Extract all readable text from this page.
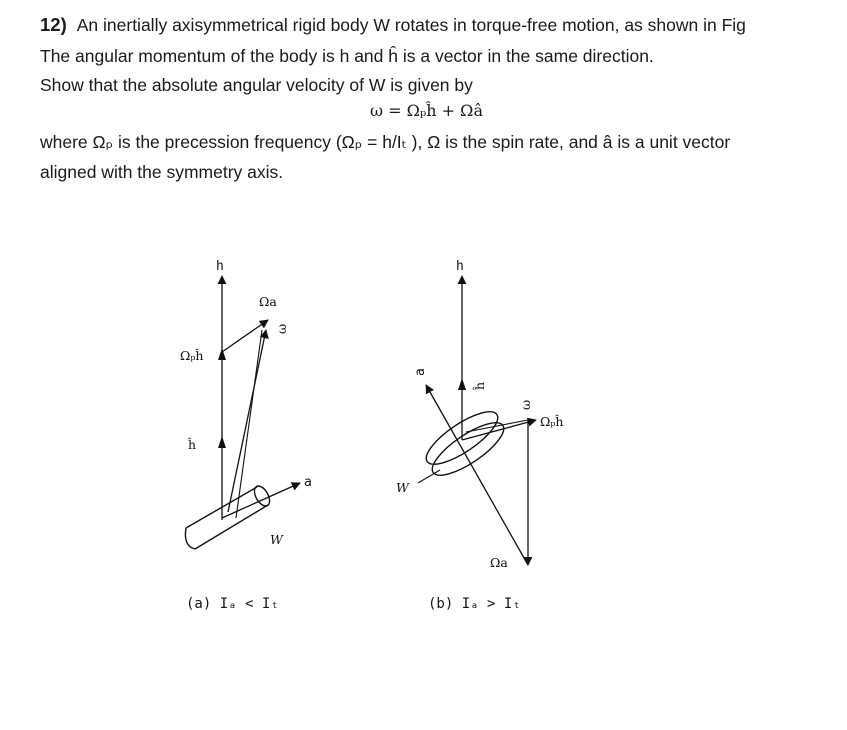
12) An inertially axisymmetrical rigid body W rotates in torque-free motion, as shown in Fig
The angular momentum of the body is h and ĥ is a vector in the same direction.
Show that the absolute angular velocity of W is given by
ω = Ωₚĥ + Ωâ
where Ωₚ is the precession frequency (Ωₚ = h/Iₜ ), Ω is the spin rate, and â is a unit vector
aligned with the symmetry axis.
h
Ωa
ω
Ωₚĥ
ĥ
a
W
(a) Iₐ < Iₜ
h
a
ĥ
ω
Ωₚĥ
W
Ωa
(b) Iₐ > Iₜ
